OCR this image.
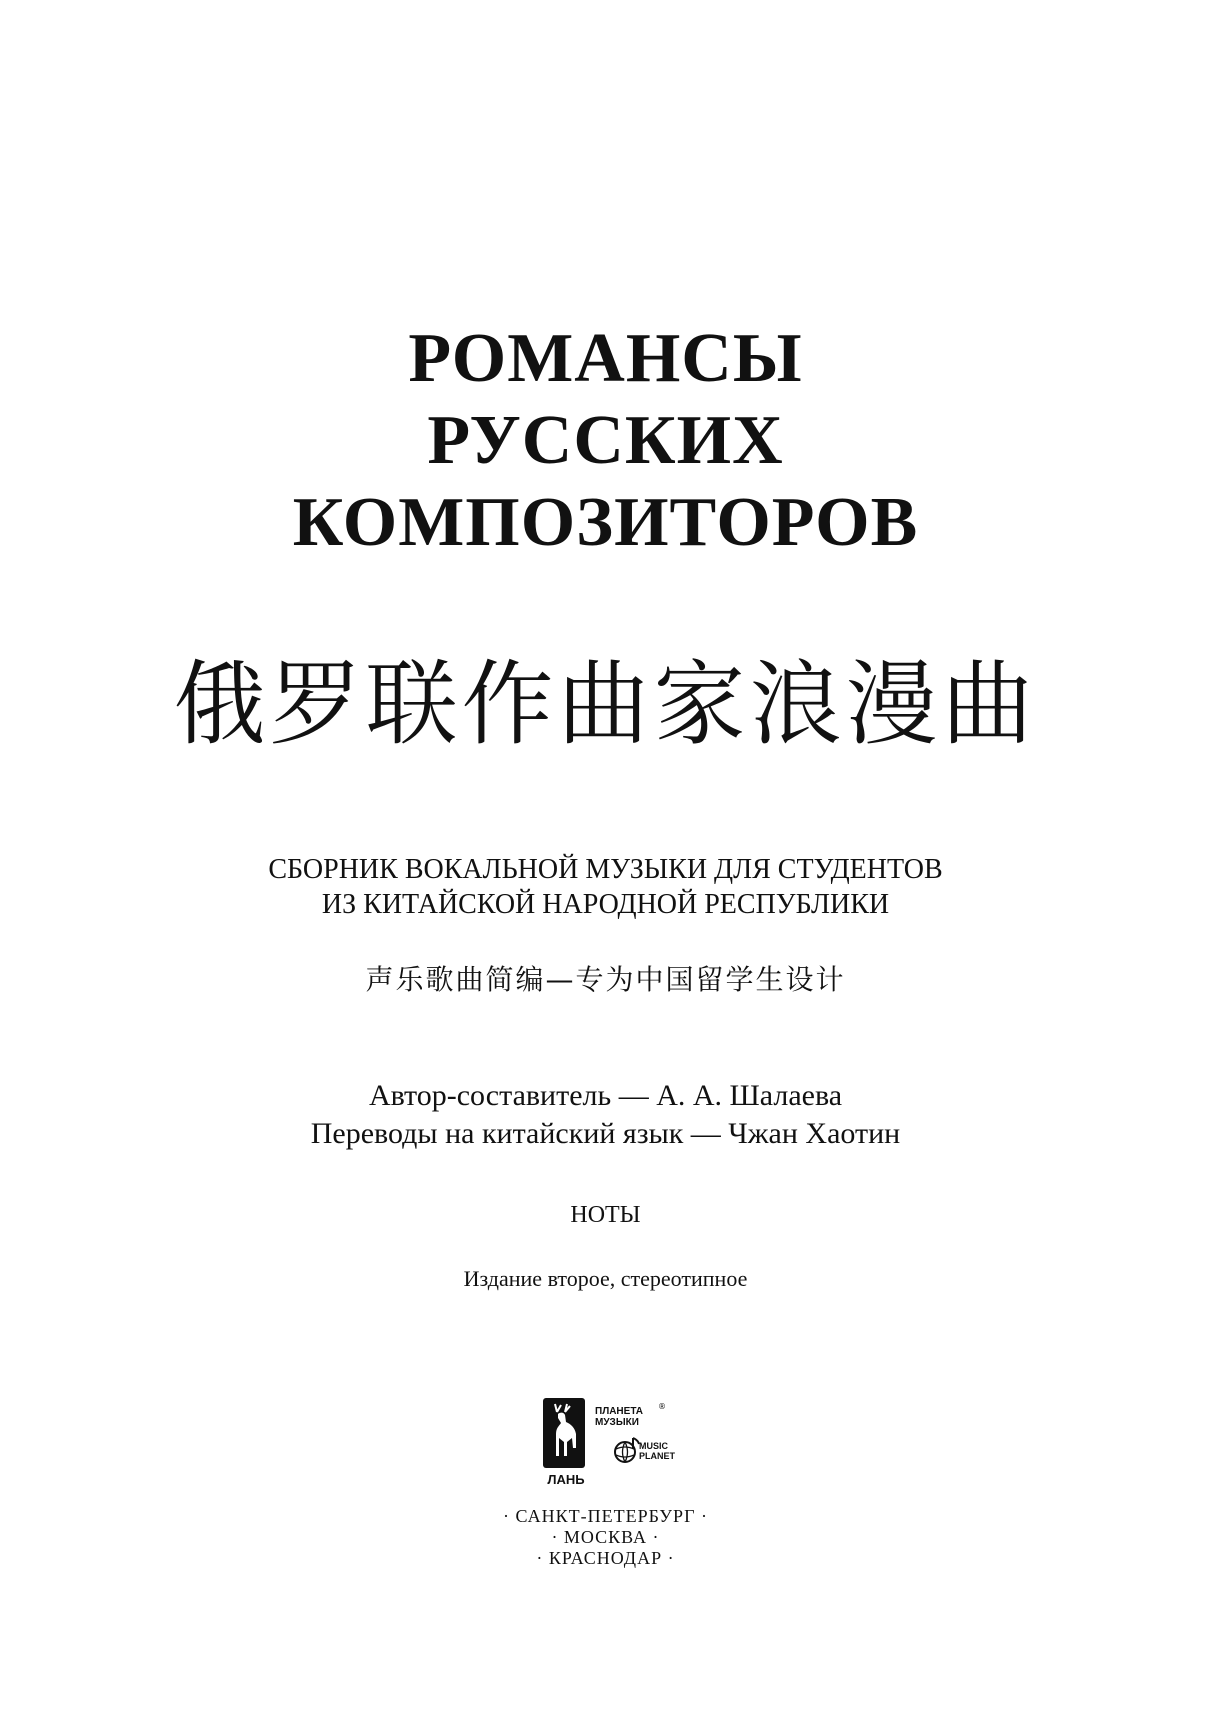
РОМАНСЫ
РУССКИХ
КОМПОЗИТОРОВ
俄罗联作曲家浪漫曲
СБОРНИК ВОКАЛЬНОЙ МУЗЫКИ ДЛЯ СТУДЕНТОВ
ИЗ КИТАЙСКОЙ НАРОДНОЙ РЕСПУБЛИКИ
声乐歌曲简编—专为中国留学生设计
Автор-составитель — А. А. Шалаева
Переводы на китайский язык — Чжан Хаотин
НОТЫ
Издание второе, стереотипное
ЛАНЬ
ПЛАНЕТА
МУЗЫКИ
®
MUSIC
PLANET
· САНКТ-ПЕТЕРБУРГ ·
· МОСКВА ·
· КРАСНОДАР ·
